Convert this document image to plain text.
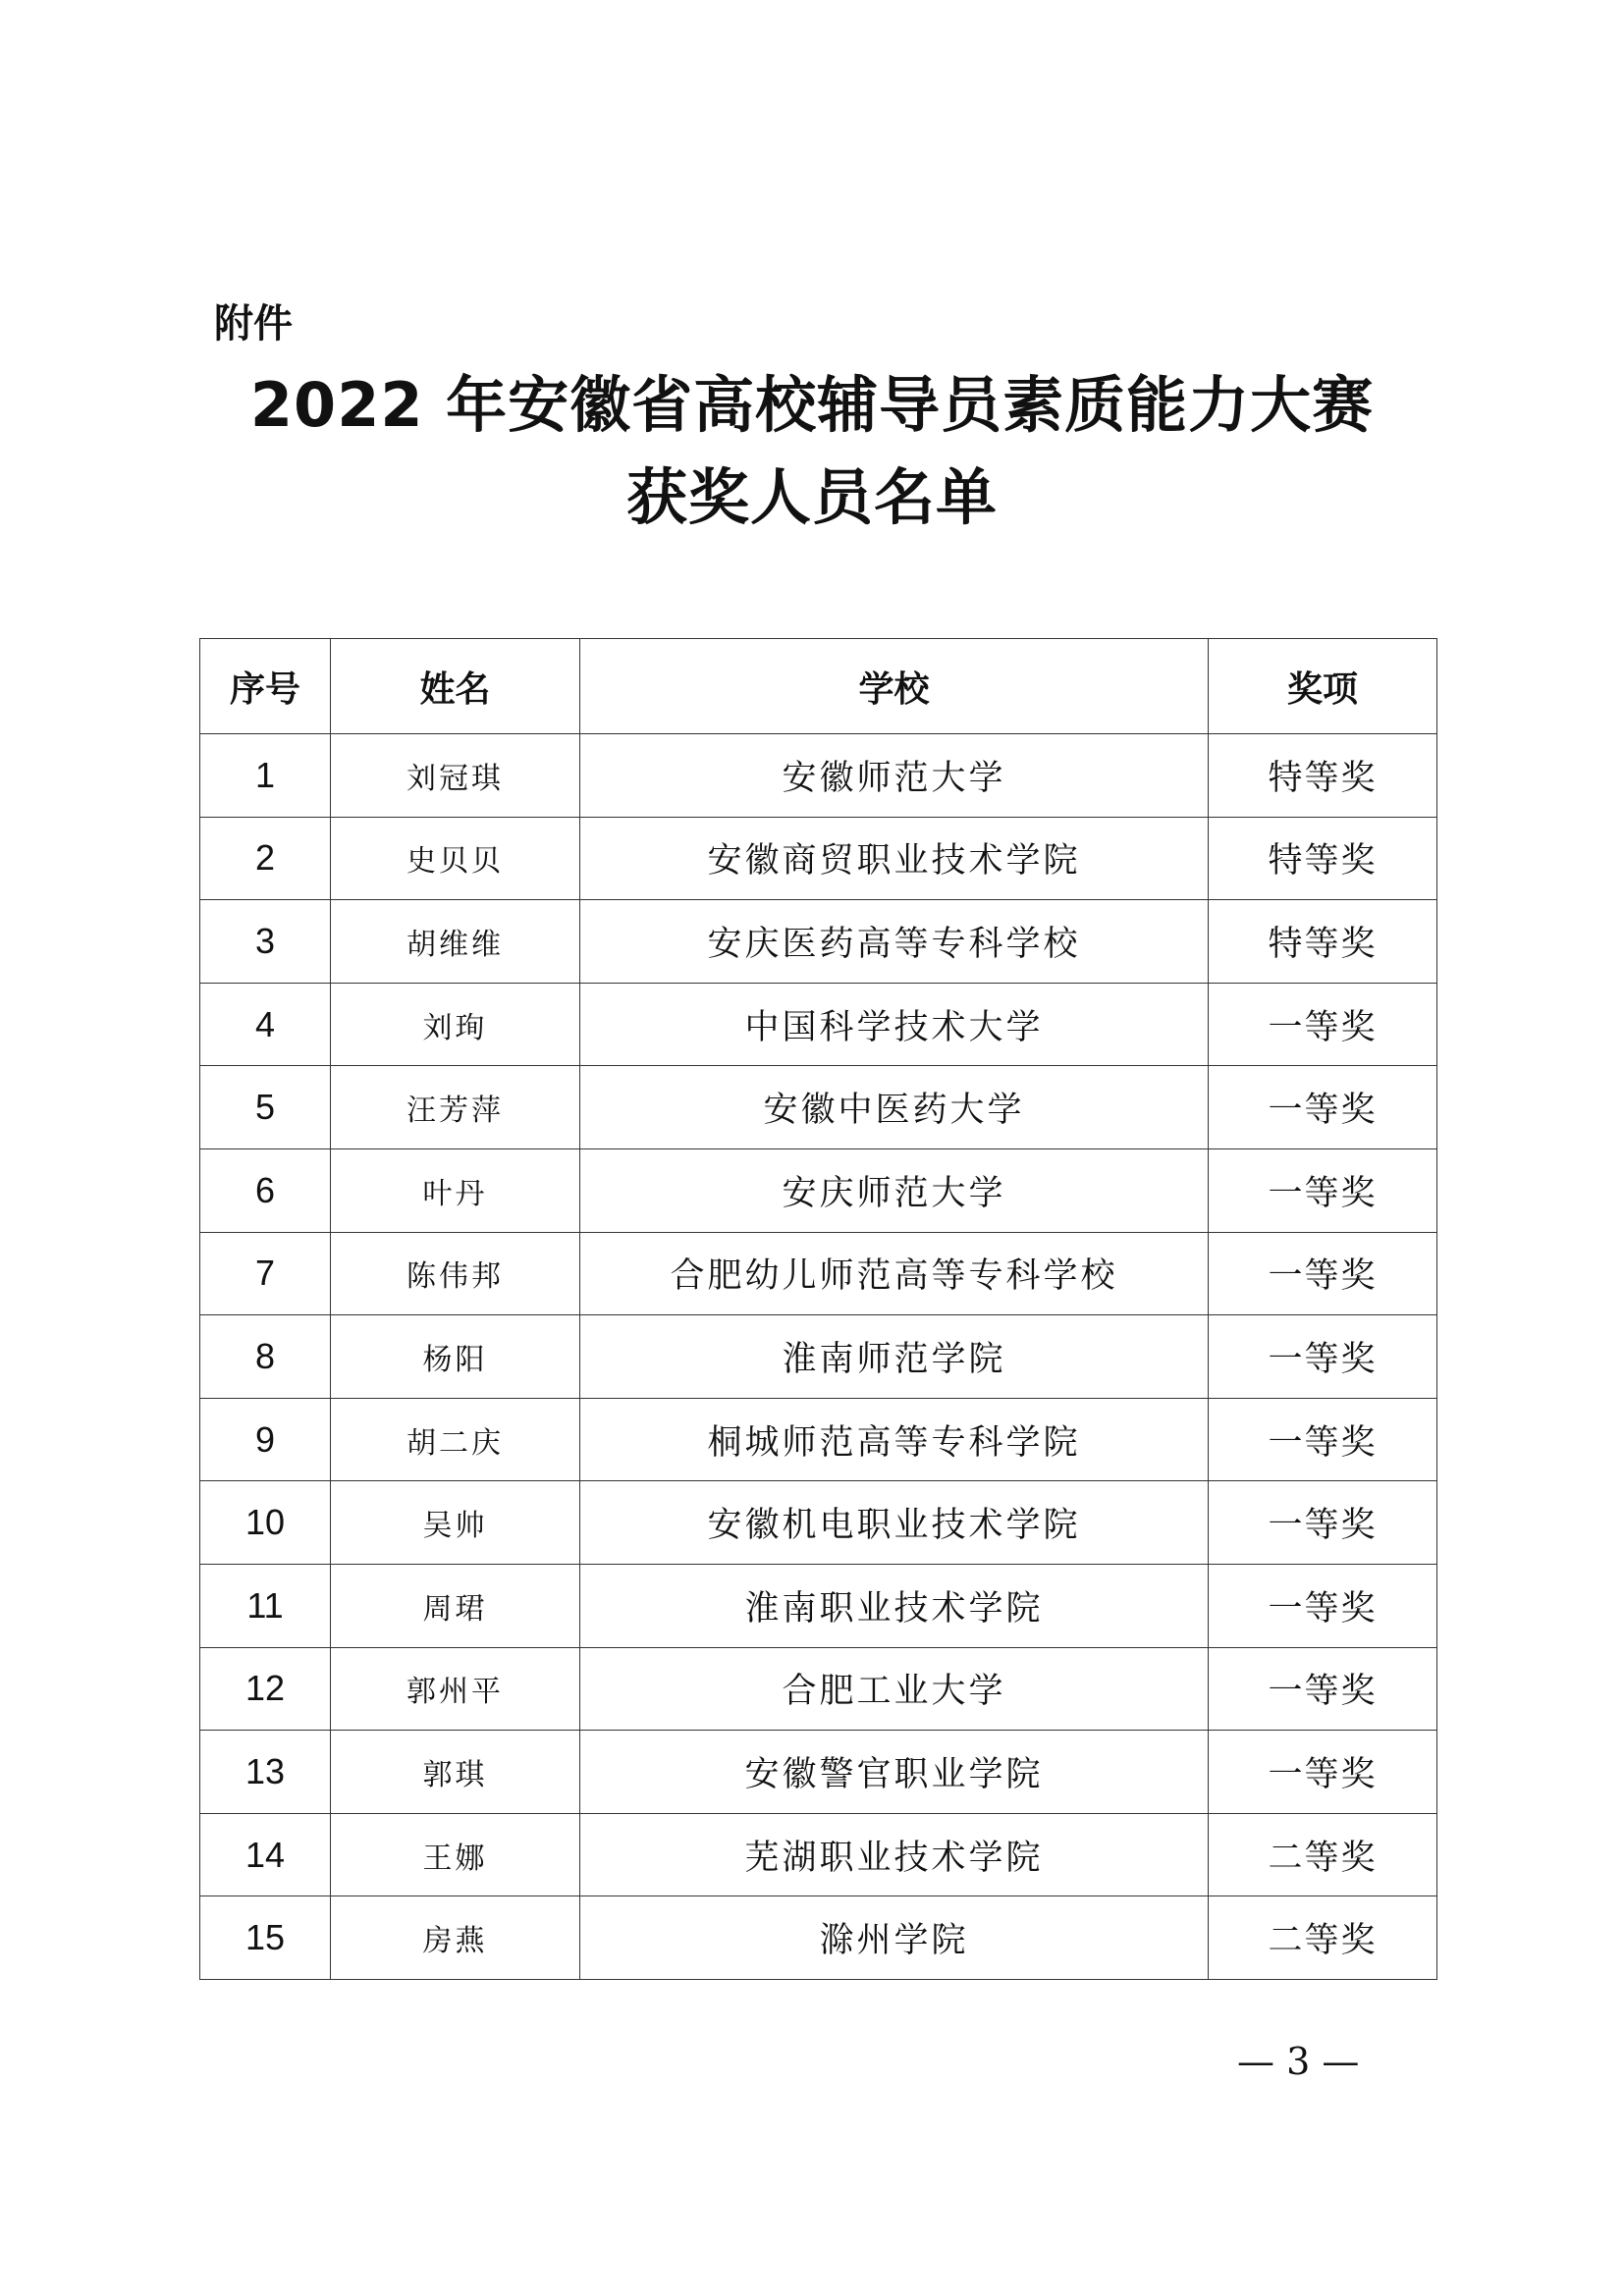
附件
2022 年安徽省高校辅导员素质能力大赛
获奖人员名单
序号	姓名	学校	奖项
1	刘冠琪	安徽师范大学	特等奖
2	史贝贝	安徽商贸职业技术学院	特等奖
3	胡维维	安庆医药高等专科学校	特等奖
4	刘珣	中国科学技术大学	一等奖
5	汪芳萍	安徽中医药大学	一等奖
6	叶丹	安庆师范大学	一等奖
7	陈伟邦	合肥幼儿师范高等专科学校	一等奖
8	杨阳	淮南师范学院	一等奖
9	胡二庆	桐城师范高等专科学院	一等奖
10	吴帅	安徽机电职业技术学院	一等奖
11	周珺	淮南职业技术学院	一等奖
12	郭州平	合肥工业大学	一等奖
13	郭琪	安徽警官职业学院	一等奖
14	王娜	芜湖职业技术学院	二等奖
15	房燕	滁州学院	二等奖
— 3 —
